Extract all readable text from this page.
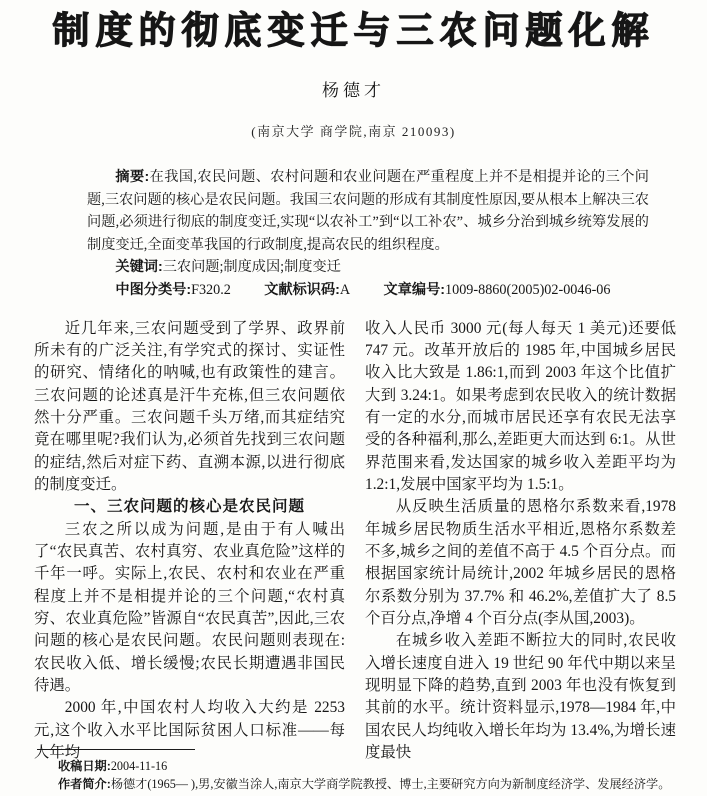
制度的彻底变迁与三农问题化解
杨德才
(南京大学 商学院,南京 210093)

摘要:在我国,农民问题、农村问题和农业问题在严重程度上并不是相提并论的三个问题,三农问题的核心是农民问题。我国三农问题的形成有其制度性原因,要从根本上解决三农问题,必须进行彻底的制度变迁,实现“以农补工”到“以工补农”、城乡分治到城乡统筹发展的制度变迁,全面变革我国的行政制度,提高农民的组织程度。

关键词:三农问题;制度成因;制度变迁

中图分类号:F320.2 文献标识码:A 文章编号:1009-8860(2005)02-0046-06

近几年来,三农问题受到了学界、政界前所未有的广泛关注,有学究式的探讨、实证性的研究、情绪化的呐喊,也有政策性的建言。三农问题的论述真是汗牛充栋,但三农问题依然十分严重。三农问题千头万绪,而其症结究竟在哪里呢?我们认为,必须首先找到三农问题的症结,然后对症下药、直溯本源,以进行彻底的制度变迁。

一、三农问题的核心是农民问题

三农之所以成为问题,是由于有人喊出了“农民真苦、农村真穷、农业真危险”这样的千年一呼。实际上,农民、农村和农业在严重程度上并不是相提并论的三个问题,“农村真穷、农业真危险”皆源自“农民真苦”,因此,三农问题的核心是农民问题。农民问题则表现在:农民收入低、增长缓慢;农民长期遭遇非国民待遇。

2000 年,中国农村人均收入大约是 2253 元,这个收入水平比国际贫困人口标准——每人年均

收入人民币 3000 元(每人每天 1 美元)还要低 747 元。改革开放后的 1985 年,中国城乡居民收入比大致是 1.86:1,而到 2003 年这个比值扩大到 3.24:1。如果考虑到农民收入的统计数据有一定的水分,而城市居民还享有农民无法享受的各种福利,那么,差距更大而达到 6:1。从世界范围来看,发达国家的城乡收入差距平均为 1.2:1,发展中国家平均为 1.5:1。

从反映生活质量的恩格尔系数来看,1978 年城乡居民物质生活水平相近,恩格尔系数差不多,城乡之间的差值不高于 4.5 个百分点。而根据国家统计局统计,2002 年城乡居民的恩格尔系数分别为 37.7% 和 46.2%,差值扩大了 8.5 个百分点,净增 4 个百分点(李从国,2003)。

在城乡收入差距不断拉大的同时,农民收入增长速度自进入 19 世纪 90 年代中期以来呈现明显下降的趋势,直到 2003 年也没有恢复到其前的水平。统计资料显示,1978—1984 年,中国农民人均纯收入增长年均为 13.4%,为增长速度最快

收稿日期:2004-11-16

作者简介:杨德才(1965— ),男,安徽当涂人,南京大学商学院教授、博士,主要研究方向为新制度经济学、发展经济学。
